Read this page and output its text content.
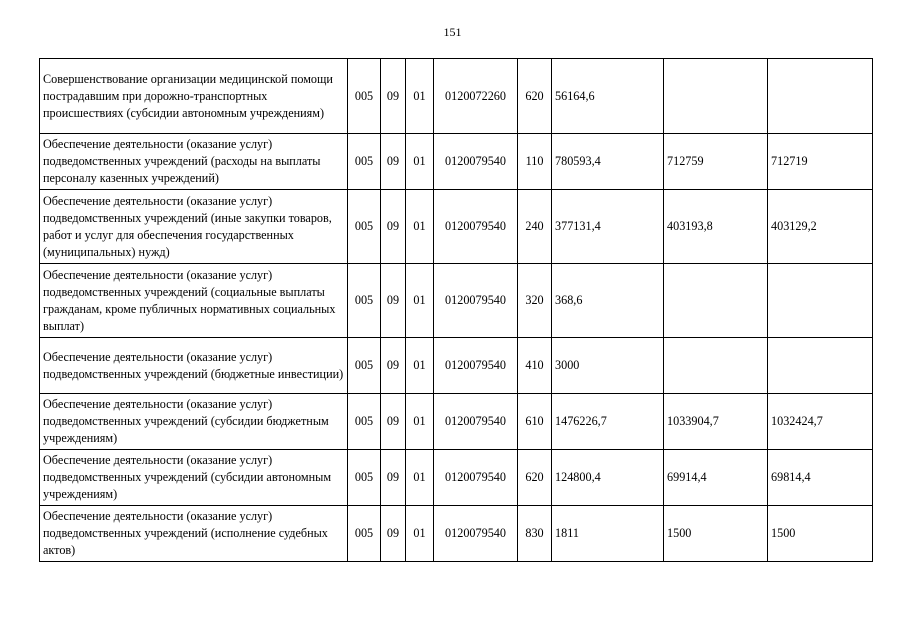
151
Совершенствование организации медицинской помощи пострадавшим при дорожно-транспортных происшествиях (субсидии автономным учреждениям)	005	09	01	0120072260	620	56164,6		
Обеспечение деятельности (оказание услуг) подведомственных учреждений (расходы на выплаты персоналу казенных учреждений)	005	09	01	0120079540	110	780593,4	712759	712719
Обеспечение деятельности (оказание услуг) подведомственных учреждений (иные закупки товаров, работ и услуг для обеспечения государственных (муниципальных) нужд)	005	09	01	0120079540	240	377131,4	403193,8	403129,2
Обеспечение деятельности (оказание услуг) подведомственных учреждений (социальные выплаты гражданам, кроме публичных нормативных социальных выплат)	005	09	01	0120079540	320	368,6		
Обеспечение деятельности (оказание услуг) подведомственных учреждений (бюджетные инвестиции)	005	09	01	0120079540	410	3000		
Обеспечение деятельности (оказание услуг) подведомственных учреждений (субсидии бюджетным учреждениям)	005	09	01	0120079540	610	1476226,7	1033904,7	1032424,7
Обеспечение деятельности (оказание услуг) подведомственных учреждений (субсидии автономным учреждениям)	005	09	01	0120079540	620	124800,4	69914,4	69814,4
Обеспечение деятельности (оказание услуг) подведомственных учреждений (исполнение судебных актов)	005	09	01	0120079540	830	1811	1500	1500
